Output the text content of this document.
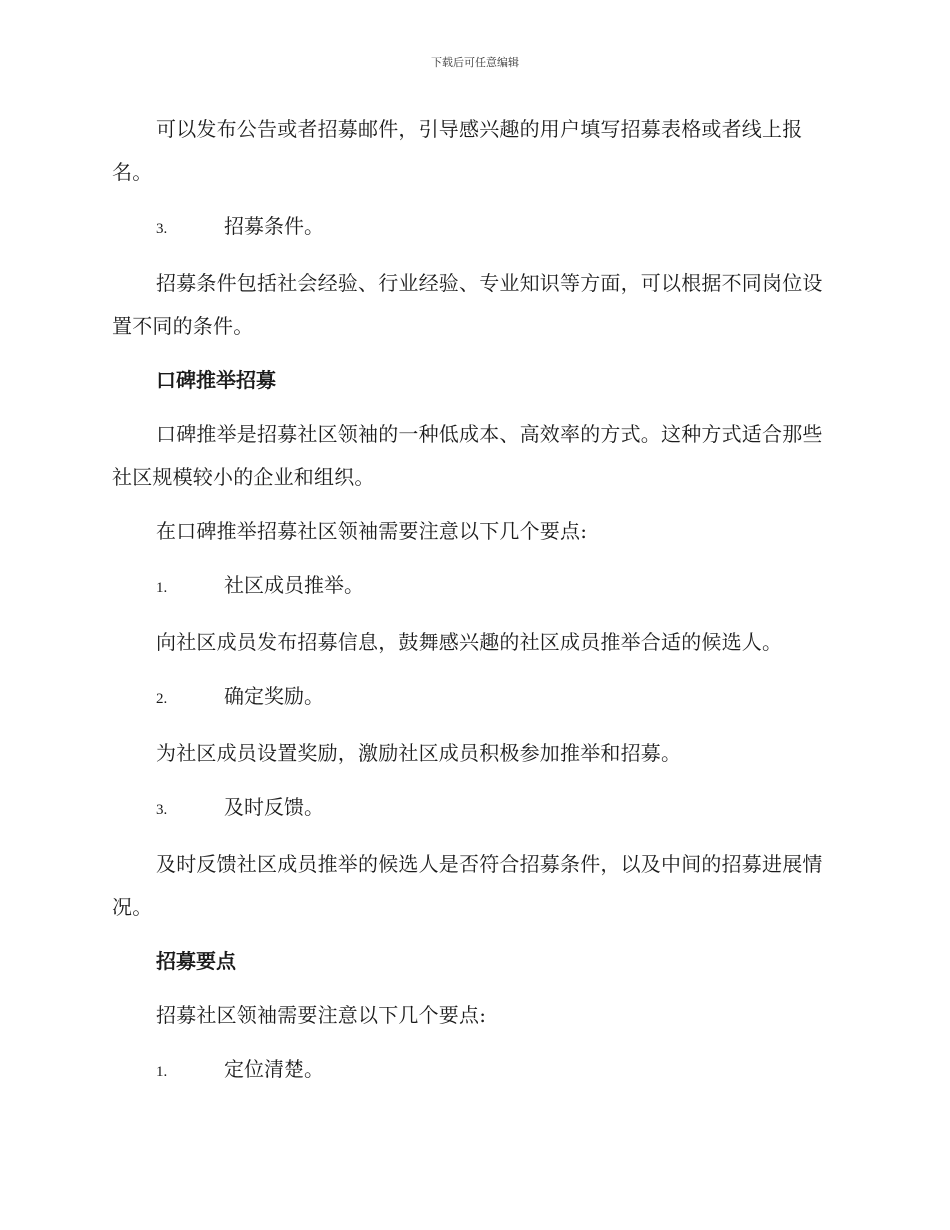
下载后可任意编辑

可以发布公告或者招募邮件，引导感兴趣的用户填写招募表格或者线上报名。

3.	招募条件。

招募条件包括社会经验、行业经验、专业知识等方面，可以根据不同岗位设置不同的条件。

口碑推举招募

口碑推举是招募社区领袖的一种低成本、高效率的方式。这种方式适合那些社区规模较小的企业和组织。

在口碑推举招募社区领袖需要注意以下几个要点:

1.	社区成员推举。

向社区成员发布招募信息，鼓舞感兴趣的社区成员推举合适的候选人。

2.	确定奖励。

为社区成员设置奖励，激励社区成员积极参加推举和招募。

3.	及时反馈。

及时反馈社区成员推举的候选人是否符合招募条件，以及中间的招募进展情况。

招募要点

招募社区领袖需要注意以下几个要点:

1.	定位清楚。
